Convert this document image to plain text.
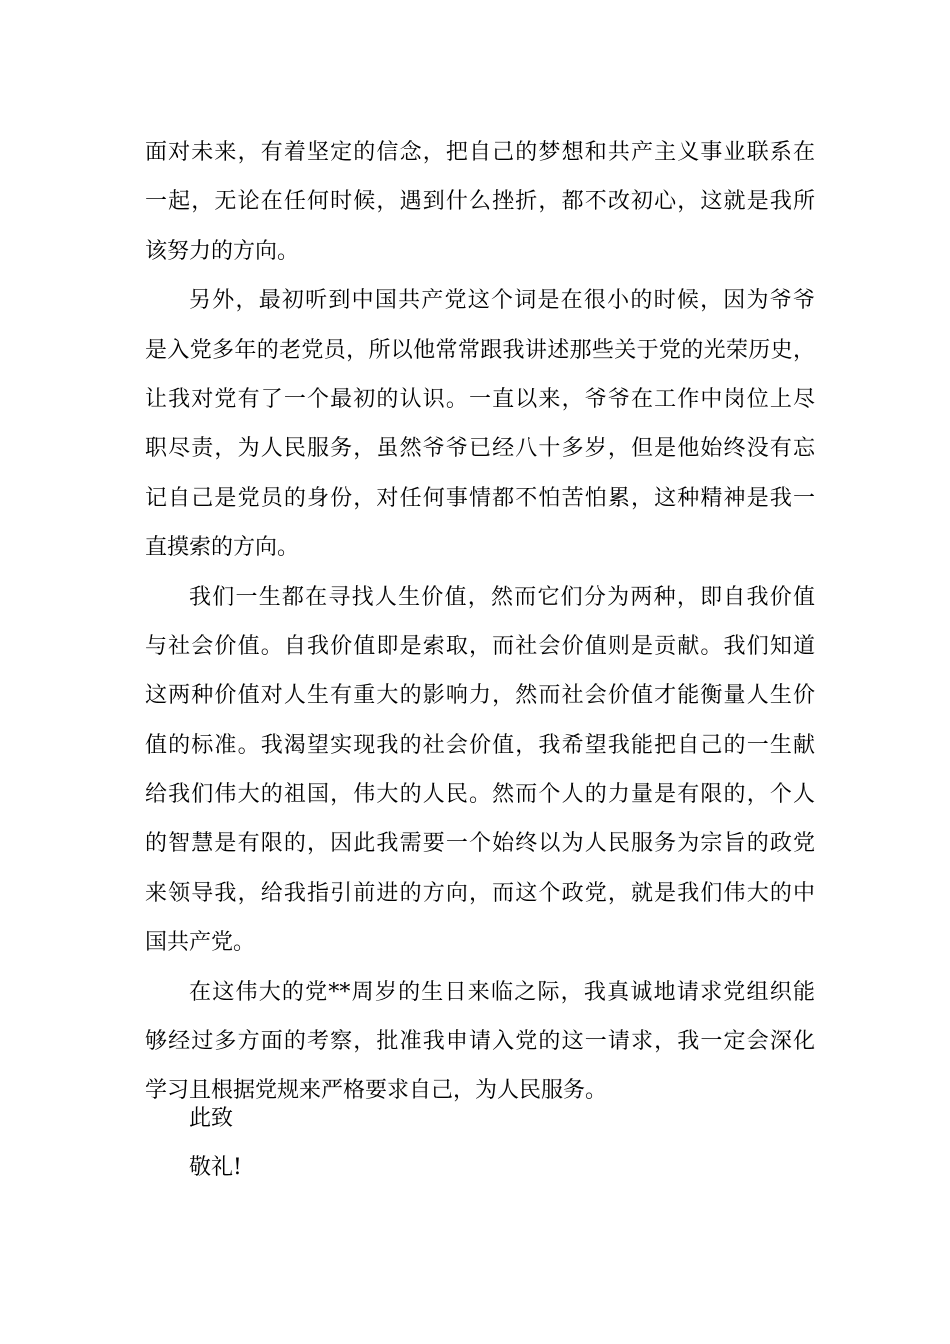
面对未来，有着坚定的信念，把自己的梦想和共产主义事业联系在
一起，无论在任何时候，遇到什么挫折，都不改初心，这就是我所
该努力的方向。
另外，最初听到中国共产党这个词是在很小的时候，因为爷爷
是入党多年的老党员，所以他常常跟我讲述那些关于党的光荣历史，
让我对党有了一个最初的认识。一直以来，爷爷在工作中岗位上尽
职尽责，为人民服务，虽然爷爷已经八十多岁，但是他始终没有忘
记自己是党员的身份，对任何事情都不怕苦怕累，这种精神是我一
直摸索的方向。
我们一生都在寻找人生价值，然而它们分为两种，即自我价值
与社会价值。自我价值即是索取，而社会价值则是贡献。我们知道
这两种价值对人生有重大的影响力，然而社会价值才能衡量人生价
值的标准。我渴望实现我的社会价值，我希望我能把自己的一生献
给我们伟大的祖国，伟大的人民。然而个人的力量是有限的，个人
的智慧是有限的，因此我需要一个始终以为人民服务为宗旨的政党
来领导我，给我指引前进的方向，而这个政党，就是我们伟大的中
国共产党。
在这伟大的党**周岁的生日来临之际，我真诚地请求党组织能
够经过多方面的考察，批准我申请入党的这一请求，我一定会深化
学习且根据党规来严格要求自己，为人民服务。
此致
敬礼!
